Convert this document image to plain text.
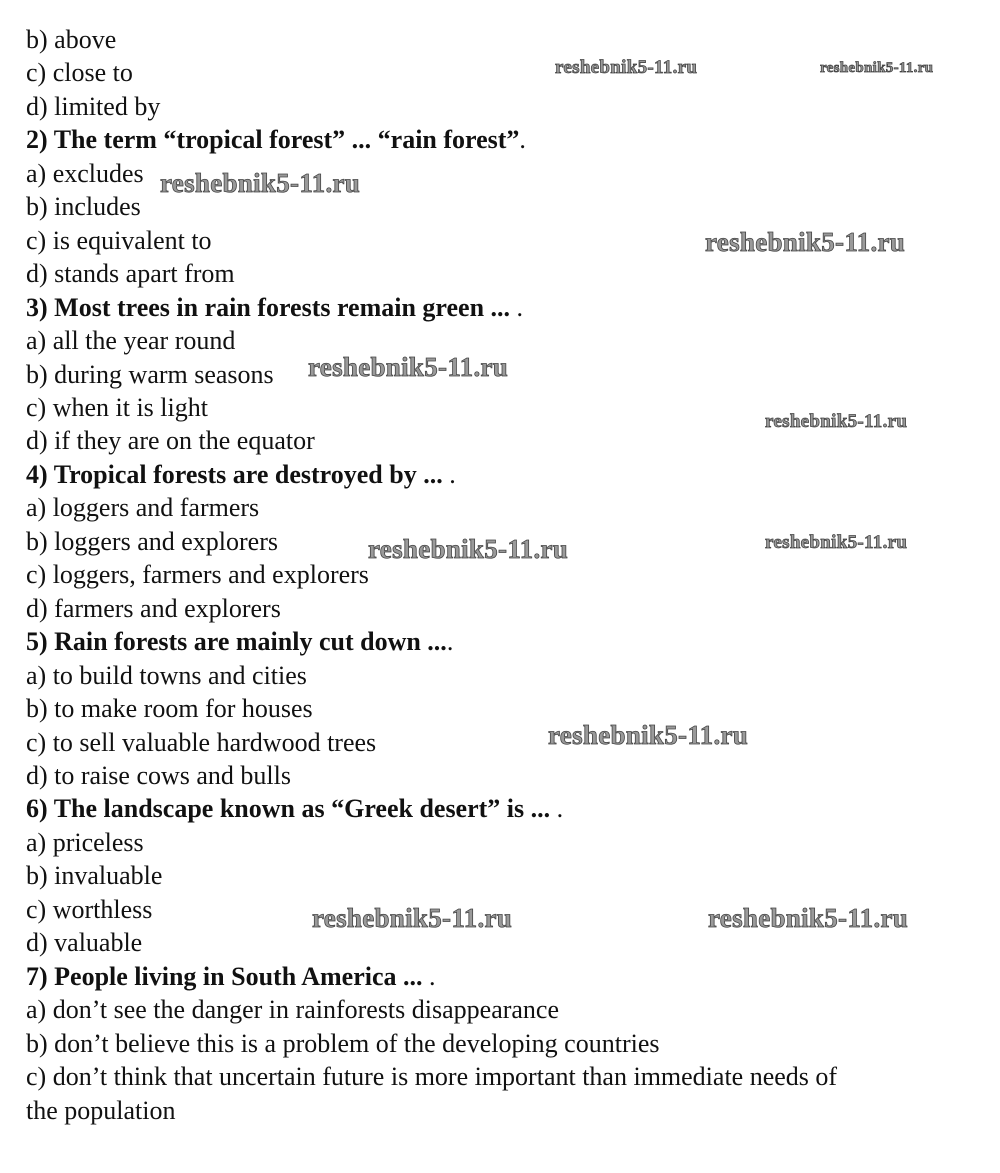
b) above
c) close to
d) limited by
2) The term “tropical forest” ... “rain forest”.
a) excludes
b) includes
c) is equivalent to
d) stands apart from
3) Most trees in rain forests remain green ... .
a) all the year round
b) during warm seasons
c) when it is light
d) if they are on the equator
4) Tropical forests are destroyed by ... .
a) loggers and farmers
b) loggers and explorers
c) loggers, farmers and explorers
d) farmers and explorers
5) Rain forests are mainly cut down ....
a) to build towns and cities
b) to make room for houses
c) to sell valuable hardwood trees
d) to raise cows and bulls
6) The landscape known as “Greek desert” is ... .
a) priceless
b) invaluable
c) worthless
d) valuable
7) People living in South America ... .
a) don’t see the danger in rainforests disappearance
b) don’t believe this is a problem of the developing countries
c) don’t think that uncertain future is more important than immediate needs of
the population
reshebnik5-11.ru	reshebnik5-11.ru
reshebnik5-11.ru
reshebnik5-11.ru
reshebnik5-11.ru
reshebnik5-11.ru
reshebnik5-11.ru
reshebnik5-11.ru
reshebnik5-11.ru
reshebnik5-11.ru	reshebnik5-11.ru
